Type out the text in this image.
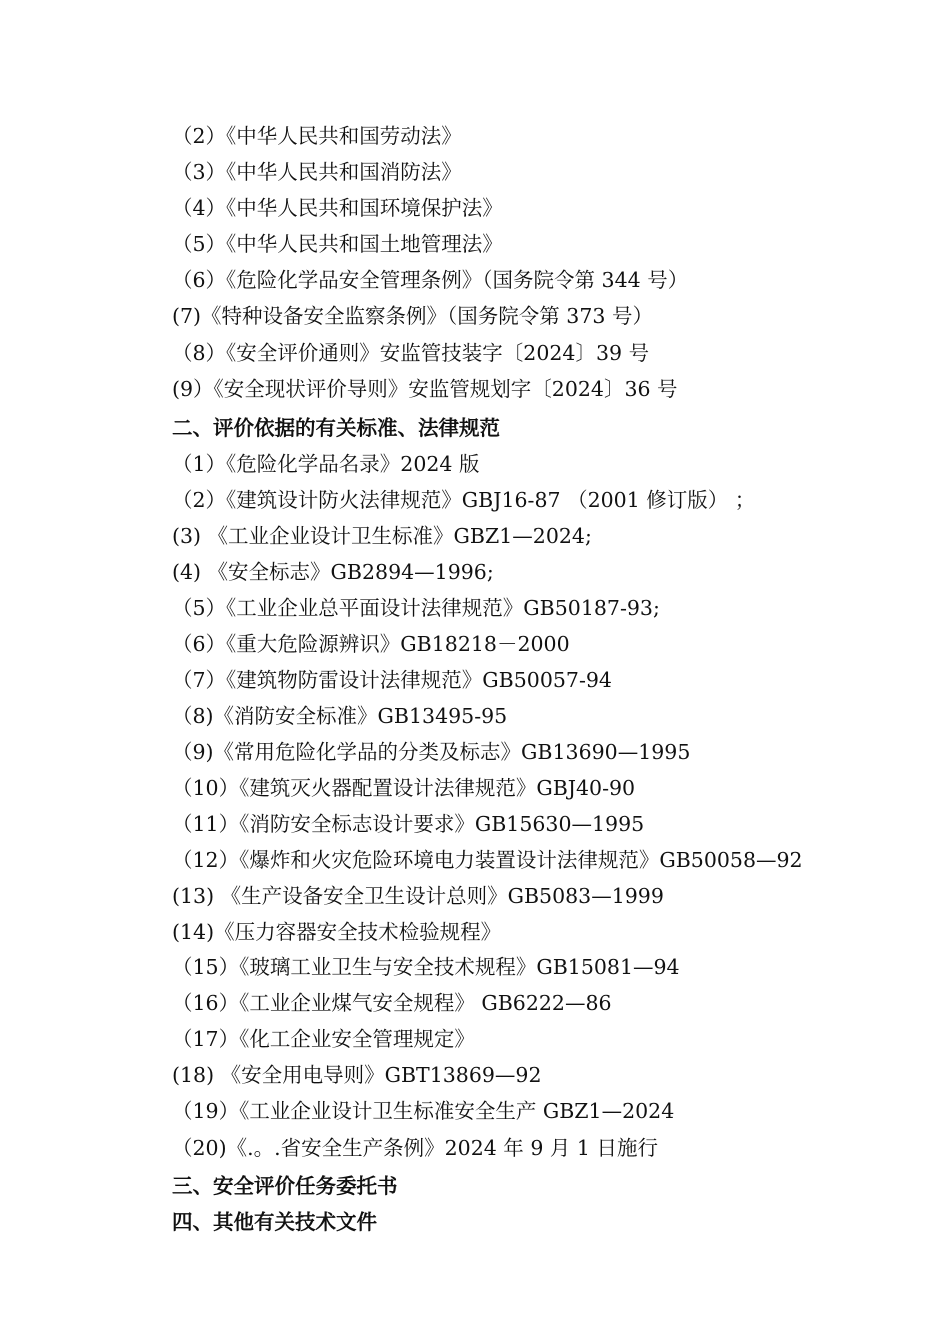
（2）《中华人民共和国劳动法》
（3）《中华人民共和国消防法》
（4）《中华人民共和国环境保护法》
（5）《中华人民共和国土地管理法》
（6）《危险化学品安全管理条例》（国务院令第 344 号）
(7)《特种设备安全监察条例》（国务院令第 373 号）
（8）《安全评价通则》安监管技装字〔2024〕39 号
(9）《安全现状评价导则》安监管规划字〔2024〕36 号
二、评价依据的有关标准、法律规范
（1）《危险化学品名录》2024 版
（2）《建筑设计防火法律规范》GBJ16-87 （2001 修订版） ；
(3) 《工业企业设计卫生标准》GBZ1—2024;
(4) 《安全标志》GB2894—1996;
（5）《工业企业总平面设计法律规范》GB50187-93;
（6）《重大危险源辨识》GB18218－2000
（7）《建筑物防雷设计法律规范》GB50057-94
（8)《消防安全标准》GB13495-95
（9)《常用危险化学品的分类及标志》GB13690—1995
（10）《建筑灭火器配置设计法律规范》GBJ40-90
（11）《消防安全标志设计要求》GB15630—1995
（12）《爆炸和火灾危险环境电力装置设计法律规范》GB50058—92
(13) 《生产设备安全卫生设计总则》GB5083—1999
(14)《压力容器安全技术检验规程》
（15）《玻璃工业卫生与安全技术规程》GB15081—94
（16）《工业企业煤气安全规程》 GB6222—86
（17）《化工企业安全管理规定》
(18) 《安全用电导则》GBT13869—92
（19）《工业企业设计卫生标准安全生产 GBZ1—2024
（20)《.。.省安全生产条例》2024 年 9 月 1 日施行
三、安全评价任务委托书
四、其他有关技术文件
